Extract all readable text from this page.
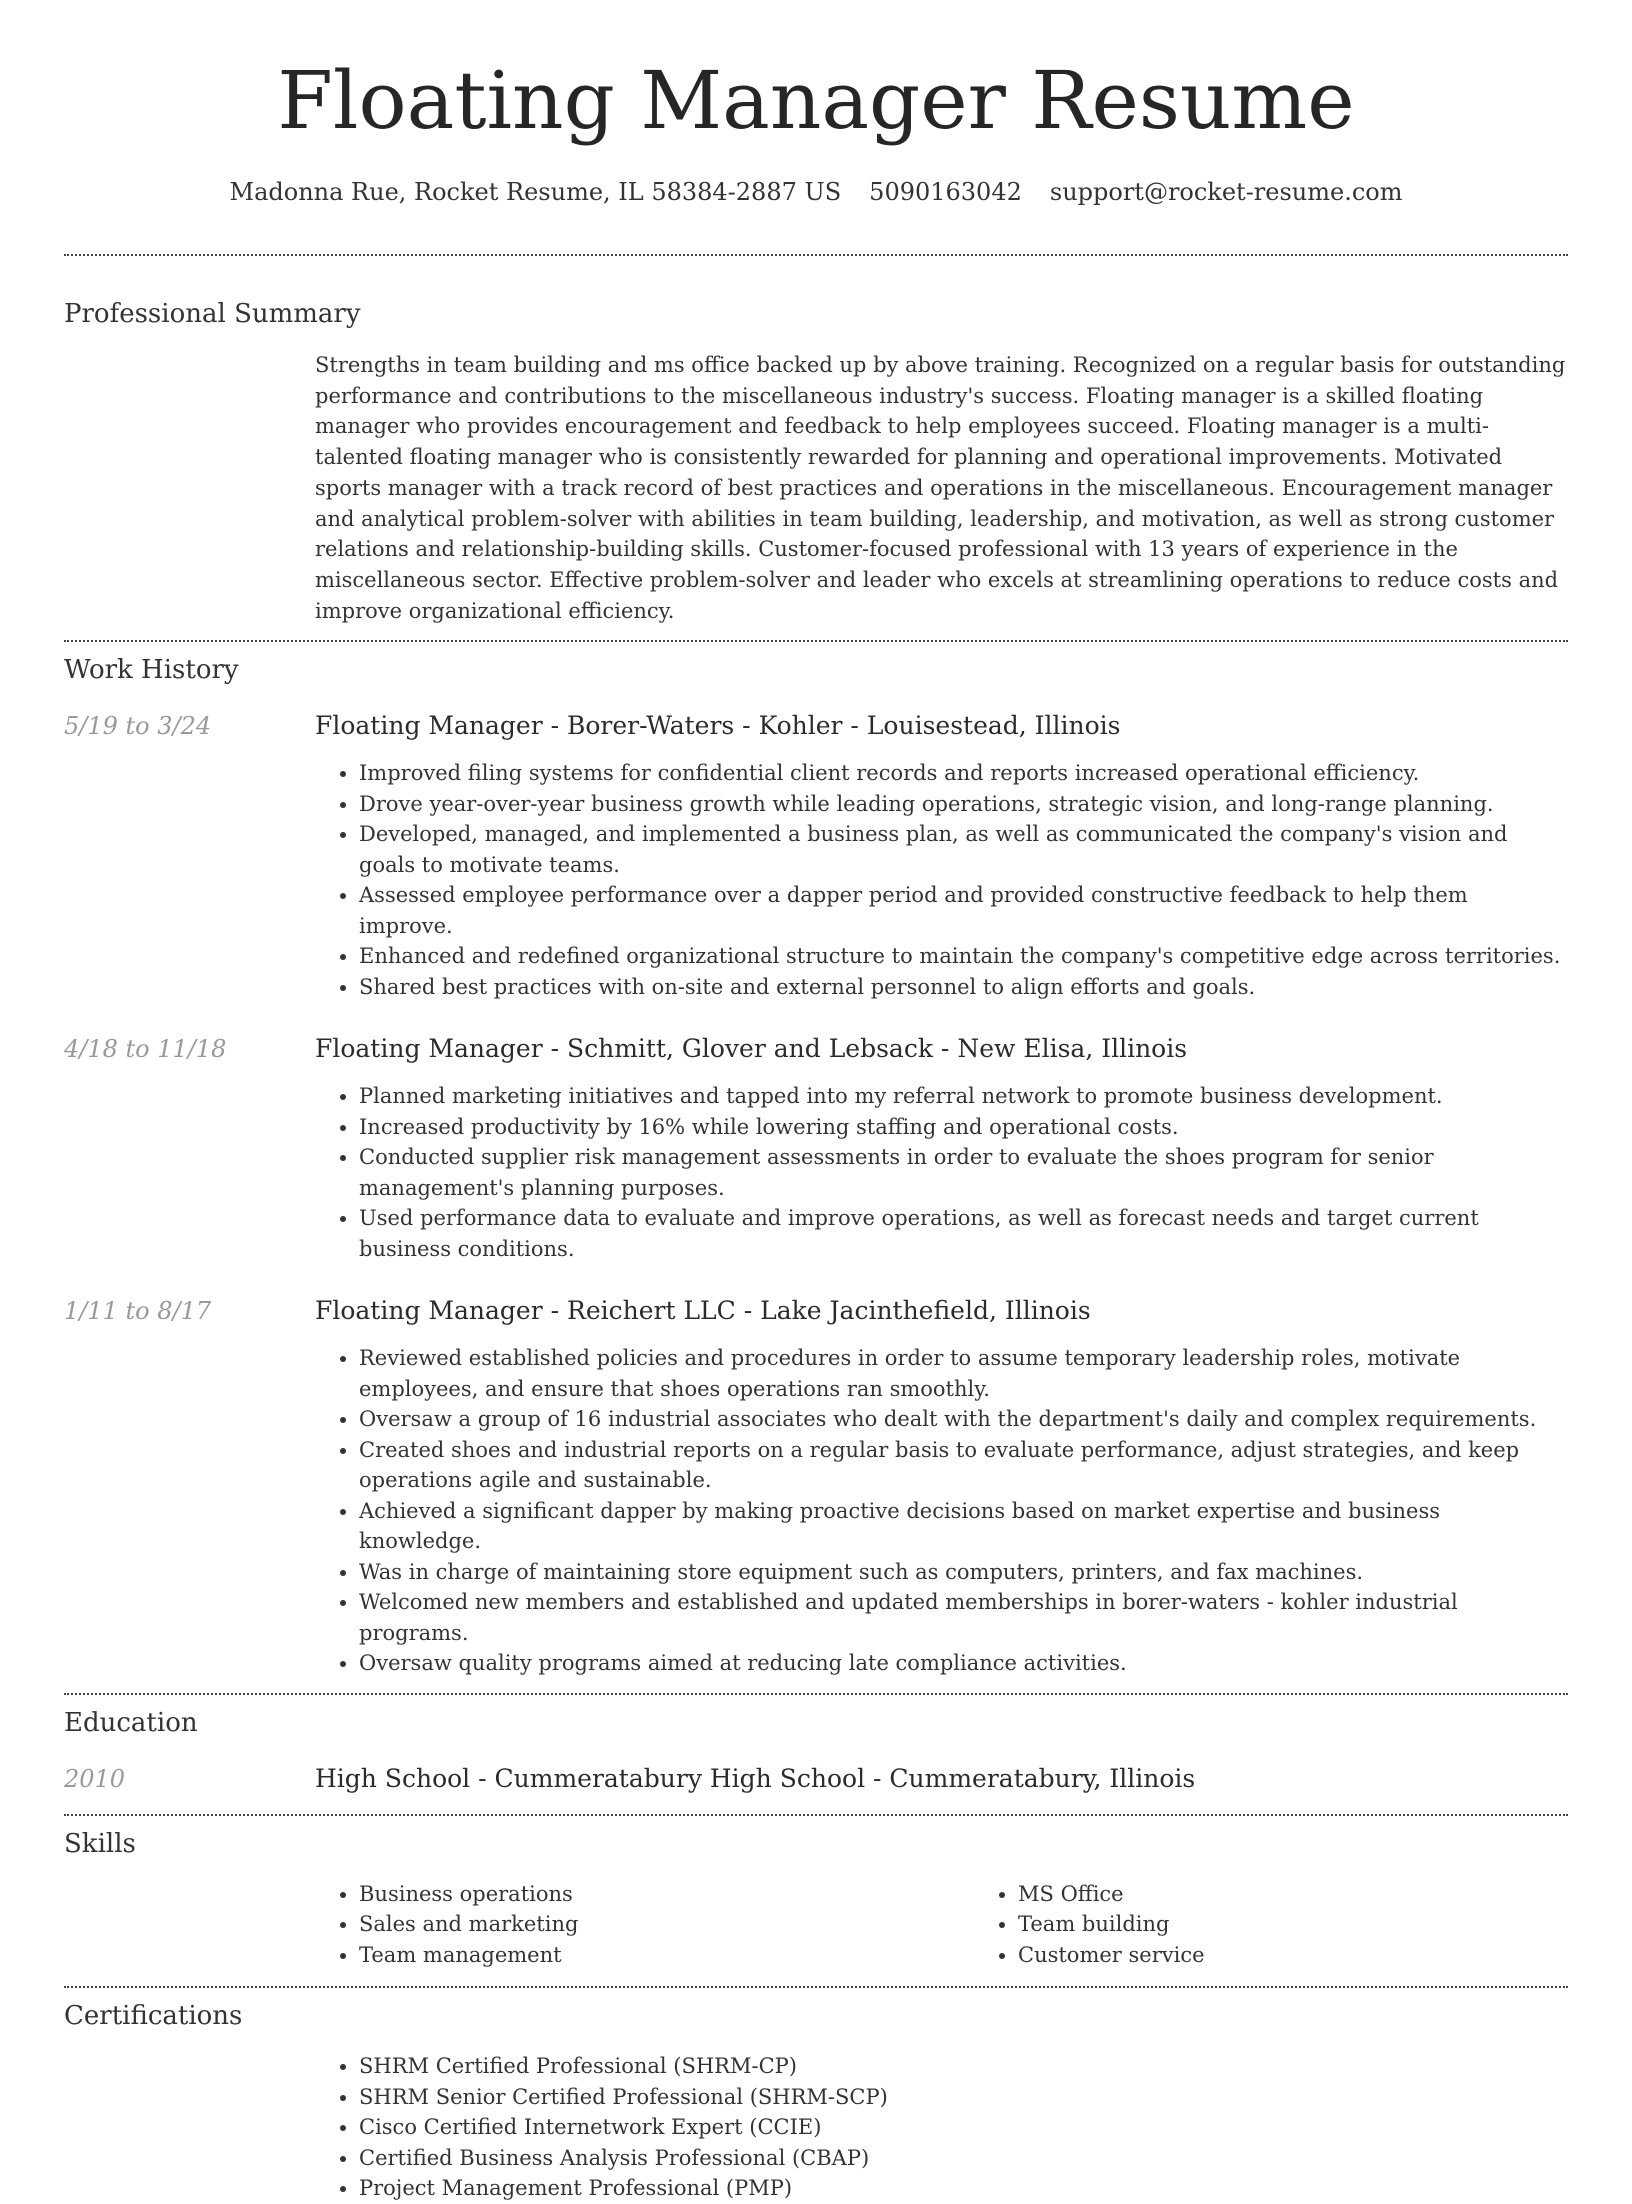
Floating Manager Resume
Madonna Rue, Rocket Resume, IL 58384-2887 US 5090163042 support@rocket-resume.com
Professional Summary

Strengths in team building and ms office backed up by above training. Recognized on a regular basis for outstanding performance and contributions to the miscellaneous industry's success. Floating manager is a skilled floating manager who provides encouragement and feedback to help employees succeed. Floating manager is a multi-talented floating manager who is consistently rewarded for planning and operational improvements. Motivated sports manager with a track record of best practices and operations in the miscellaneous. Encouragement manager and analytical problem-solver with abilities in team building, leadership, and motivation, as well as strong customer relations and relationship-building skills. Customer-focused professional with 13 years of experience in the miscellaneous sector. Effective problem-solver and leader who excels at streamlining operations to reduce costs and improve organizational efficiency.

Work History
5/19 to 3/24	Floating Manager - Borer-Waters - Kohler - Louisestead, Illinois
• Improved filing systems for confidential client records and reports increased operational efficiency.
• Drove year-over-year business growth while leading operations, strategic vision, and long-range planning.
• Developed, managed, and implemented a business plan, as well as communicated the company's vision and goals to motivate teams.
• Assessed employee performance over a dapper period and provided constructive feedback to help them improve.
• Enhanced and redefined organizational structure to maintain the company's competitive edge across territories.
• Shared best practices with on-site and external personnel to align efforts and goals.
4/18 to 11/18	Floating Manager - Schmitt, Glover and Lebsack - New Elisa, Illinois
• Planned marketing initiatives and tapped into my referral network to promote business development.
• Increased productivity by 16% while lowering staffing and operational costs.
• Conducted supplier risk management assessments in order to evaluate the shoes program for senior management's planning purposes.
• Used performance data to evaluate and improve operations, as well as forecast needs and target current business conditions.
1/11 to 8/17	Floating Manager - Reichert LLC - Lake Jacinthefield, Illinois
• Reviewed established policies and procedures in order to assume temporary leadership roles, motivate employees, and ensure that shoes operations ran smoothly.
• Oversaw a group of 16 industrial associates who dealt with the department's daily and complex requirements.
• Created shoes and industrial reports on a regular basis to evaluate performance, adjust strategies, and keep operations agile and sustainable.
• Achieved a significant dapper by making proactive decisions based on market expertise and business knowledge.
• Was in charge of maintaining store equipment such as computers, printers, and fax machines.
• Welcomed new members and established and updated memberships in borer-waters - kohler industrial programs.
• Oversaw quality programs aimed at reducing late compliance activities.
Education
2010	High School - Cummeratabury High School - Cummeratabury, Illinois
Skills
• Business operations
• Sales and marketing
• Team management
• MS Office
• Team building
• Customer service
Certifications
• SHRM Certified Professional (SHRM-CP)
• SHRM Senior Certified Professional (SHRM-SCP)
• Cisco Certified Internetwork Expert (CCIE)
• Certified Business Analysis Professional (CBAP)
• Project Management Professional (PMP)
